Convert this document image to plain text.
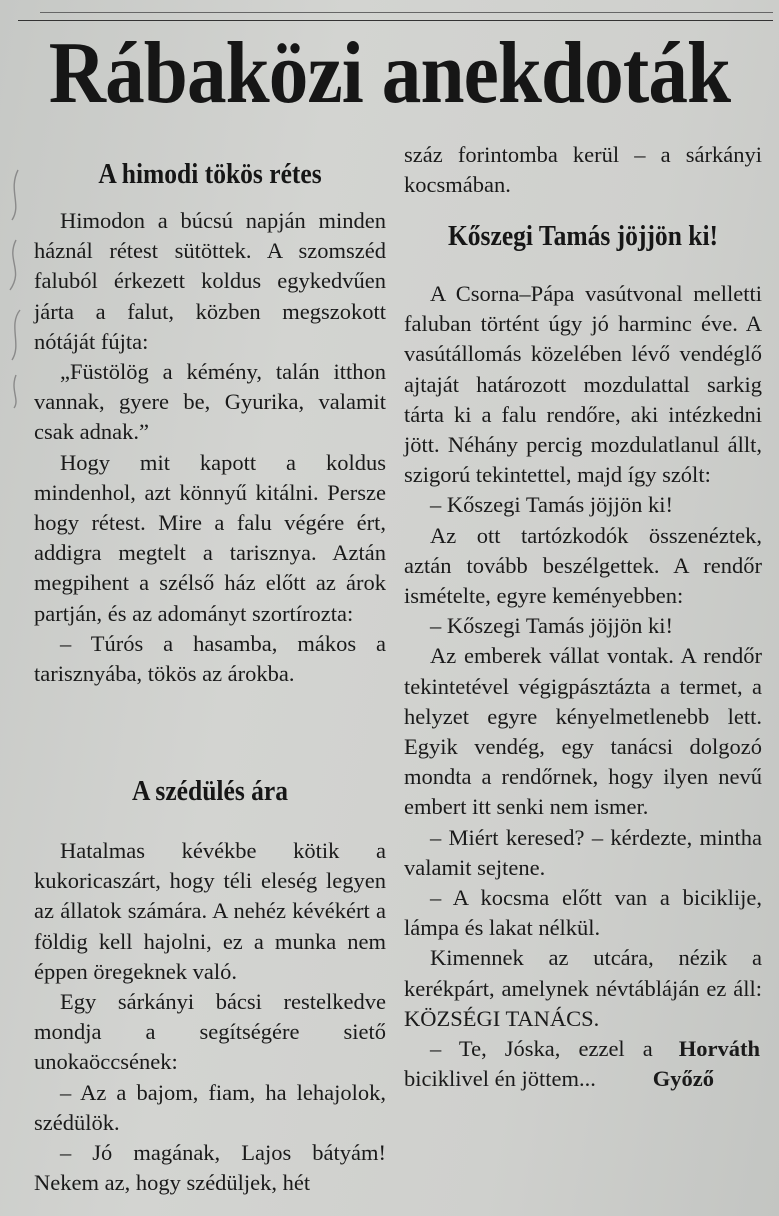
Rábaközi anekdoták
A himodi tökös rétes

Himodon a búcsú napján minden háznál rétest sütöttek. A szomszéd faluból érkezett koldus egykedvűen járta a falut, közben megszokott nótáját fújta:

„Füstölög a kémény, talán itthon vannak, gyere be, Gyurika, valamit csak adnak.”

Hogy mit kapott a koldus mindenhol, azt könnyű kitálni. Persze hogy rétest. Mire a falu végére ért, addigra megtelt a tarisznya. Aztán megpihent a szélső ház előtt az árok partján, és az adományt szortírozta:

– Túrós a hasamba, mákos a tarisznyába, tökös az árokba.

A szédülés ára

Hatalmas kévékbe kötik a kukoricaszárt, hogy téli eleség legyen az állatok számára. A nehéz kévékért a földig kell hajolni, ez a munka nem éppen öregeknek való.

Egy sárkányi bácsi restelkedve mondja a segítségére siető unokaöccsének:

– Az a bajom, fiam, ha lehajolok, szédülök.

– Jó magának, Lajos bátyám! Nekem az, hogy szédüljek, hét

száz forintomba kerül – a sárkányi kocsmában.

Kőszegi Tamás jöjjön ki!

A Csorna–Pápa vasútvonal melletti faluban történt úgy jó harminc éve. A vasútállomás közelében lévő vendéglő ajtaját határozott mozdulattal sarkig tárta ki a falu rendőre, aki intézkedni jött. Néhány percig mozdulatlanul állt, szigorú tekintettel, majd így szólt:

– Kőszegi Tamás jöjjön ki!

Az ott tartózkodók összenéztek, aztán tovább beszélgettek. A rendőr ismételte, egyre keményebben:

– Kőszegi Tamás jöjjön ki!

Az emberek vállat vontak. A rendőr tekintetével végigpásztázta a termet, a helyzet egyre kényelmetlenebb lett. Egyik vendég, egy tanácsi dolgozó mondta a rendőrnek, hogy ilyen nevű embert itt senki nem ismer.

– Miért keresed? – kérdezte, mintha valamit sejtene.

– A kocsma előtt van a biciklije, lámpa és lakat nélkül.

Kimennek az utcára, nézik a kerékpárt, amelynek névtábláján ez áll: KÖZSÉGI TANÁCS.

– Te, Jóska, ezzel a biciklivel én jöttem...
Horváth Győző
